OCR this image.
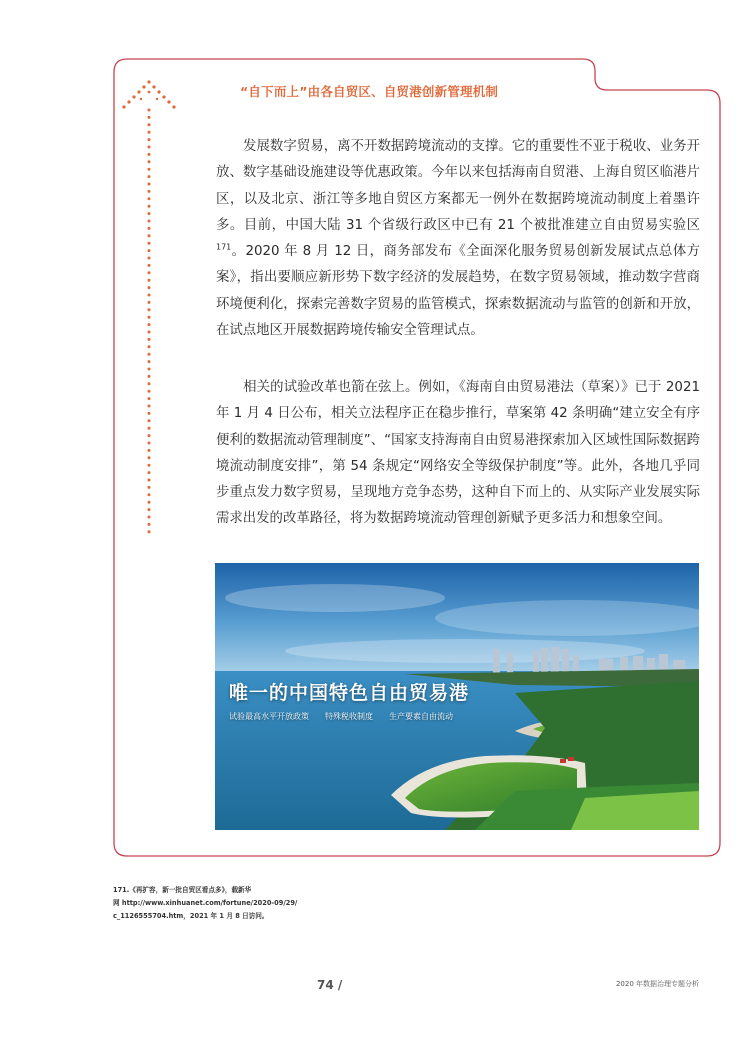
“自下而上”由各自贸区、自贸港创新管理机制

发展数字贸易，离不开数据跨境流动的支撑。它的重要性不亚于税收、业务开放、数字基础设施建设等优惠政策。今年以来包括海南自贸港、上海自贸区临港片区，以及北京、浙江等多地自贸区方案都无一例外在数据跨境流动制度上着墨许多。目前，中国大陆 31 个省级行政区中已有 21 个被批准建立自由贸易实验区 $^{171}$。2020 年 8 月 12 日，商务部发布《全面深化服务贸易创新发展试点总体方案》，指出要顺应新形势下数字经济的发展趋势，在数字贸易领域，推动数字营商环境便利化，探索完善数字贸易的监管模式，探索数据流动与监管的创新和开放，在试点地区开展数据跨境传输安全管理试点。

相关的试验改革也箭在弦上。例如，《海南自由贸易港法（草案）》已于 2021 年 1 月 4 日公布，相关立法程序正在稳步推行，草案第 42 条明确“建立安全有序便利的数据流动管理制度”、“国家支持海南自由贸易港探索加入区域性国际数据跨境流动制度安排”，第 54 条规定“网络安全等级保护制度”等。此外，各地几乎同步重点发力数字贸易，呈现地方竞争态势，这种自下而上的、从实际产业发展实际需求出发的改革路径，将为数据跨境流动管理创新赋予更多活力和想象空间。

唯一的中国特色自由贸易港
试验最高水平开放政策 特殊税收制度 生产要素自由流动

171.《再扩容，新一批自贸区看点多》，载新华
网 http://www.xinhuanet.com/fortune/2020-09/29/
c_1126555704.htm，2021 年 1 月 8 日访问。

74 /	2020 年数据治理专题分析
